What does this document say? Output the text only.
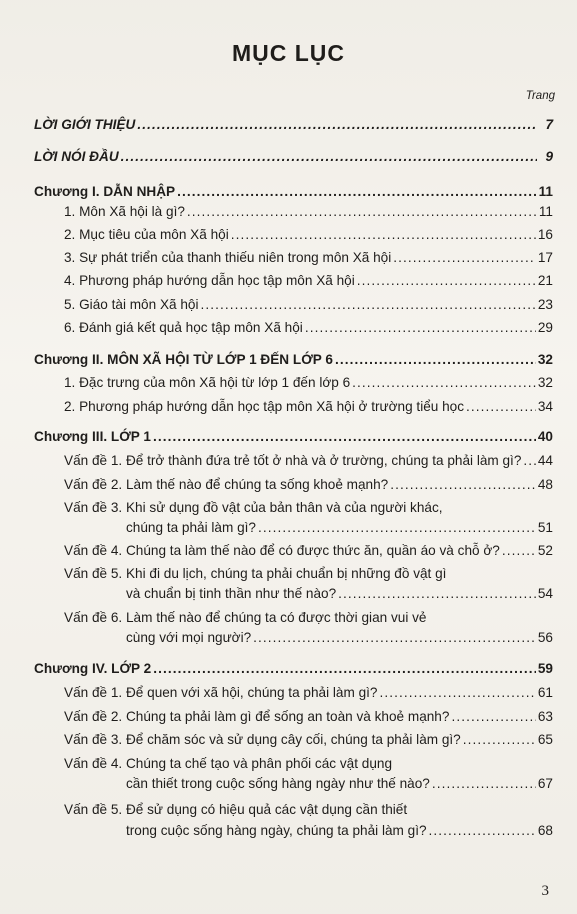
MỤC LỤC
Trang
LỜI GIỚI THIỆU .....	7
LỜI NÓI ĐẦU .....	9
Chương I. DẪN NHẬP .....	11
1. Môn Xã hội là gì? .....	11
2. Mục tiêu của môn Xã hội .....	16
3. Sự phát triển của thanh thiếu niên trong môn Xã hội .....	17
4. Phương pháp hướng dẫn học tập môn Xã hội .....	21
5. Giáo tài môn Xã hội .....	23
6. Đánh giá kết quả học tập môn Xã hội .....	29
Chương II. MÔN XÃ HỘI TỪ LỚP 1 ĐẾN LỚP 6 .....	32
1. Đặc trưng của môn Xã hội từ lớp 1 đến lớp 6 .....	32
2. Phương pháp hướng dẫn học tập môn Xã hội ở trường tiểu học .....	34
Chương III. LỚP 1 .....	40
Vấn đề 1. Để trở thành đứa trẻ tốt ở nhà và ở trường, chúng ta phải làm gì? ..... 44
Vấn đề 2. Làm thế nào để chúng ta sống khoẻ mạnh? .....	48
Vấn đề 3. Khi sử dụng đồ vật của bản thân và của người khác,
chúng ta phải làm gì? .....	51
Vấn đề 4. Chúng ta làm thế nào để có được thức ăn, quần áo và chỗ ở? .....	52
Vấn đề 5. Khi đi du lịch, chúng ta phải chuẩn bị những đồ vật gì
và chuẩn bị tinh thần như thế nào? .....	54
Vấn đề 6. Làm thế nào để chúng ta có được thời gian vui vẻ
cùng với mọi người? .....	56
Chương IV. LỚP 2 .....	59
Vấn đề 1. Để quen với xã hội, chúng ta phải làm gì? .....	61
Vấn đề 2. Chúng ta phải làm gì để sống an toàn và khoẻ mạnh? .....	63
Vấn đề 3. Để chăm sóc và sử dụng cây cối, chúng ta phải làm gì? .....	65
Vấn đề 4. Chúng ta chế tạo và phân phối các vật dụng
cần thiết trong cuộc sống hàng ngày như thế nào? .....	67
Vấn đề 5. Để sử dụng có hiệu quả các vật dụng cần thiết
trong cuộc sống hàng ngày, chúng ta phải làm gì? .....	68
3
